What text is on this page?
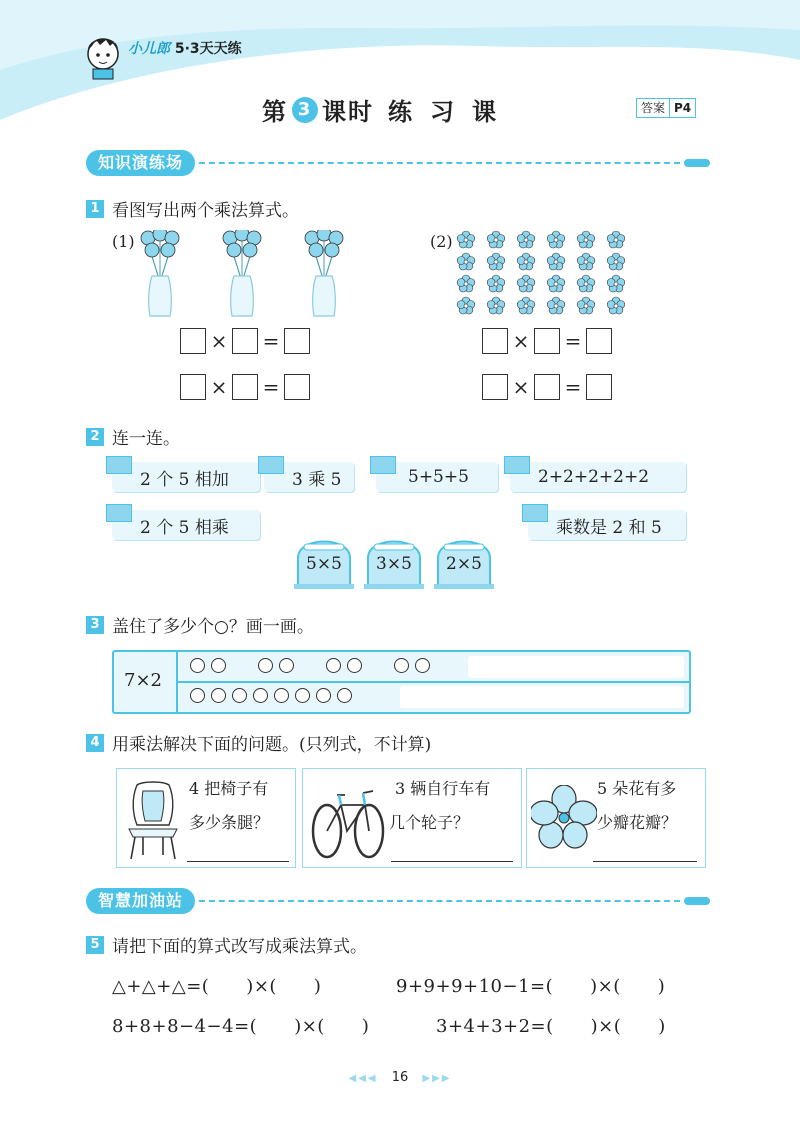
小儿郎 5·3天天练
第 3 课时 练习课	答案 P4
知识演练场
1 看图写出两个乘法算式。
(1)	(2)
× =
× =
× =
× =
2 连一连。
2 个 5 相加	3 乘 5	5+5+5	2+2+2+2+2
2 个 5 相乘	乘数是 2 和 5
5×5	3×5	2×5
3 盖住了多少个○？画一画。
7×2
4 用乘法解决下面的问题。(只列式，不计算)
4 把椅子有
多少条腿？
3 辆自行车有
几个轮子？
5 朵花有多
少瓣花瓣？
智慧加油站
5 请把下面的算式改写成乘法算式。
△+△+△=(　　)×(　　)	9+9+9+10−1=(　　)×(　　)
8+8+8−4−4=(　　)×(　　)	3+4+3+2=(　　)×(　　)
◀◀◀ 16 ▶▶▶
